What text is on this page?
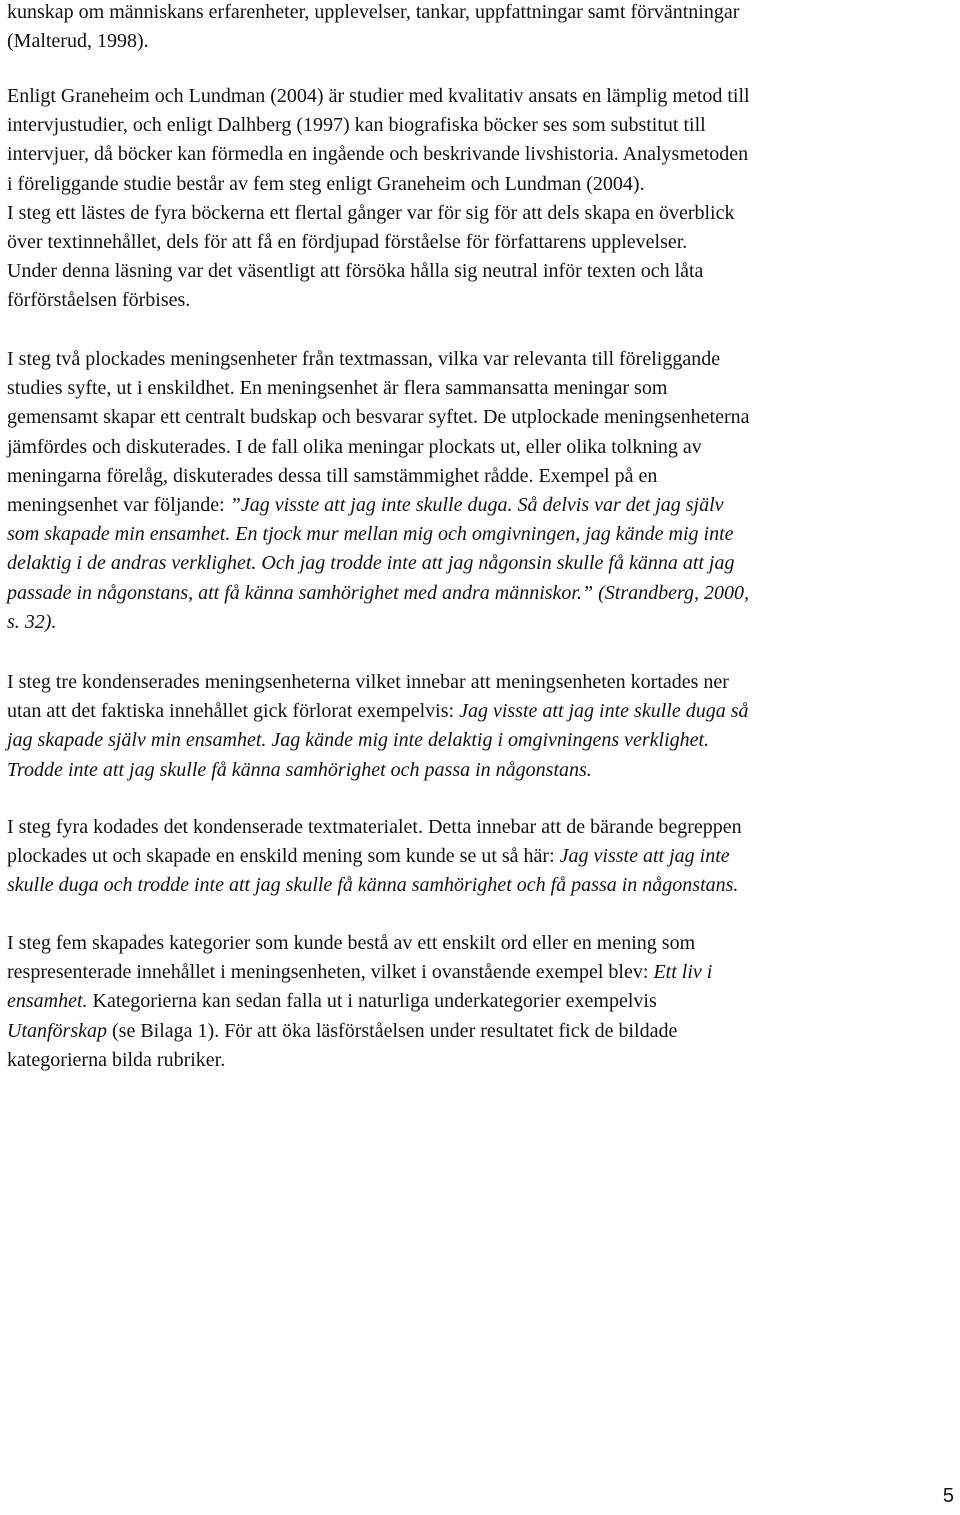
kunskap om människans erfarenheter, upplevelser, tankar, uppfattningar samt förväntningar
(Malterud, 1998).

Enligt Graneheim och Lundman (2004) är studier med kvalitativ ansats en lämplig metod till
intervjustudier, och enligt Dalhberg (1997) kan biografiska böcker ses som substitut till
intervjuer, då böcker kan förmedla en ingående och beskrivande livshistoria. Analysmetoden
i föreliggande studie består av fem steg enligt Graneheim och Lundman (2004).
I steg ett lästes de fyra böckerna ett flertal gånger var för sig för att dels skapa en överblick
över textinnehållet, dels för att få en fördjupad förståelse för författarens upplevelser.
Under denna läsning var det väsentligt att försöka hålla sig neutral inför texten och låta
förförståelsen förbises.

I steg två plockades meningsenheter från textmassan, vilka var relevanta till föreliggande
studies syfte, ut i enskildhet. En meningsenhet är flera sammansatta meningar som
gemensamt skapar ett centralt budskap och besvarar syftet. De utplockade meningsenheterna
jämfördes och diskuterades. I de fall olika meningar plockats ut, eller olika tolkning av
meningarna förelåg, diskuterades dessa till samstämmighet rådde. Exempel på en
meningsenhet var följande: ”Jag visste att jag inte skulle duga. Så delvis var det jag själv
som skapade min ensamhet. En tjock mur mellan mig och omgivningen, jag kände mig inte
delaktig i de andras verklighet. Och jag trodde inte att jag någonsin skulle få känna att jag
passade in någonstans, att få känna samhörighet med andra människor.” (Strandberg, 2000,
s. 32).

I steg tre kondenserades meningsenheterna vilket innebar att meningsenheten kortades ner
utan att det faktiska innehållet gick förlorat exempelvis: Jag visste att jag inte skulle duga så
jag skapade själv min ensamhet. Jag kände mig inte delaktig i omgivningens verklighet.
Trodde inte att jag skulle få känna samhörighet och passa in någonstans.

I steg fyra kodades det kondenserade textmaterialet. Detta innebar att de bärande begreppen
plockades ut och skapade en enskild mening som kunde se ut så här: Jag visste att jag inte
skulle duga och trodde inte att jag skulle få känna samhörighet och få passa in någonstans.

I steg fem skapades kategorier som kunde bestå av ett enskilt ord eller en mening som
respresenterade innehållet i meningsenheten, vilket i ovanstående exempel blev: Ett liv i
ensamhet. Kategorierna kan sedan falla ut i naturliga underkategorier exempelvis
Utanförskap (se Bilaga 1). För att öka läsförståelsen under resultatet fick de bildade
kategorierna bilda rubriker.

5
